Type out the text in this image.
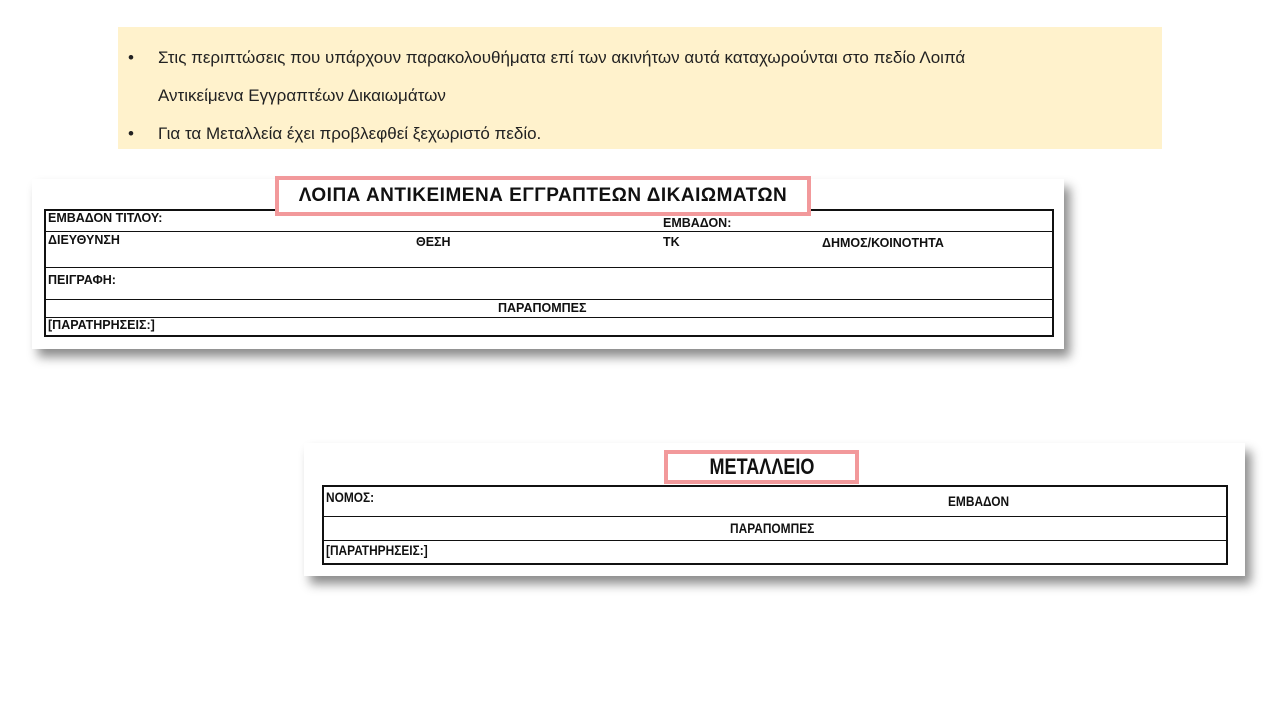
• Στις περιπτώσεις που υπάρχουν παρακολουθήματα επί των ακινήτων αυτά καταχωρούνται στο πεδίο Λοιπά
Αντικείμενα Εγγραπτέων Δικαιωμάτων
• Για τα Μεταλλεία έχει προβλεφθεί ξεχωριστό πεδίο.
ΕΜΒΑΔΟΝ ΤΙΤΛΟΥ:	ΕΜΒΑΔΟΝ:
ΔΙΕΥΘΥΝΣΗ	ΘΕΣΗ	ΤΚ	ΔΗΜΟΣ/ΚΟΙΝΟΤΗΤΑ
ΠΕΙΓΡΑΦΗ:
ΠΑΡΑΠΟΜΠΕΣ
[ΠΑΡΑΤΗΡΗΣΕΙΣ:]
ΛΟΙΠΑ ΑΝΤΙΚΕΙΜΕΝΑ ΕΓΓΡΑΠΤΕΩΝ ΔΙΚΑΙΩΜΑΤΩΝ
ΝΟΜΟΣ:	ΕΜΒΑΔΟΝ
ΠΑΡΑΠΟΜΠΕΣ
[ΠΑΡΑΤΗΡΗΣΕΙΣ:]
ΜΕΤΑΛΛΕΙΟ
